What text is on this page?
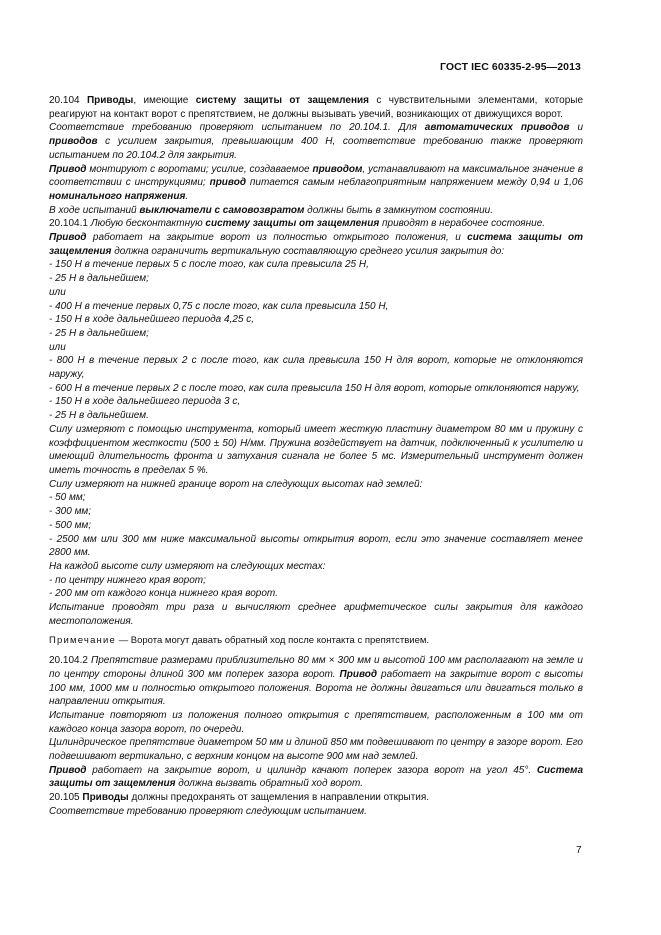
ГОСТ IEC 60335-2-95—2013

20.104 Приводы, имеющие систему защиты от защемления с чувствительными элементами, которые реагируют на контакт ворот с препятствием, не должны вызывать увечий, возникающих от движущихся ворот.

Соответствие требованию проверяют испытанием по 20.104.1. Для автоматических приводов и приводов с усилием закрытия, превышающим 400 Н, соответствие требованию также проверяют испытанием по 20.104.2 для закрытия.

Привод монтируют с воротами; усилие, создаваемое приводом, устанавливают на максимальное значение в соответствии с инструкциями; привод питается самым неблагоприятным напряжением между 0,94 и 1,06 номинального напряжения.

В ходе испытаний выключатели с самовозвратом должны быть в замкнутом состоянии.

20.104.1 Любую бесконтактную систему защиты от защемления приводят в нерабочее состояние.

Привод работает на закрытие ворот из полностью открытого положения, и система защиты от защемления должна ограничить вертикальную составляющую среднего усилия закрытия до:

- 150 Н в течение первых 5 с после того, как сила превысила 25 Н,

- 25 Н в дальнейшем;

или

- 400 Н в течение первых 0,75 с после того, как сила превысила 150 Н,

- 150 Н в ходе дальнейшего периода 4,25 с,

- 25 Н в дальнейшем;

или

- 800 Н в течение первых 2 с после того, как сила превысила 150 Н для ворот, которые не отклоняются наружу,

- 600 Н в течение первых 2 с после того, как сила превысила 150 Н для ворот, которые отклоняются наружу,

- 150 Н в ходе дальнейшего периода 3 с,

- 25 Н в дальнейшем.

Силу измеряют с помощью инструмента, который имеет жесткую пластину диаметром 80 мм и пружину с коэффициентом жесткости (500 ± 50) Н/мм. Пружина воздействует на датчик, подключенный к усилителю и имеющий длительность фронта и затухания сигнала не более 5 мс. Измерительный инструмент должен иметь точность в пределах 5 %.

Силу измеряют на нижней границе ворот на следующих высотах над землей:

- 50 мм;

- 300 мм;

- 500 мм;

- 2500 мм или 300 мм ниже максимальной высоты открытия ворот, если это значение составляет менее 2800 мм.

На каждой высоте силу измеряют на следующих местах:

- по центру нижнего края ворот;

- 200 мм от каждого конца нижнего края ворот.

Испытание проводят три раза и вычисляют среднее арифметическое силы закрытия для каждого местоположения.

Примечание — Ворота могут давать обратный ход после контакта с препятствием.

20.104.2 Препятствие размерами приблизительно 80 мм × 300 мм и высотой 100 мм располагают на земле и по центру стороны длиной 300 мм поперек зазора ворот. Привод работает на закрытие ворот с высоты 100 мм, 1000 мм и полностью открытого положения. Ворота не должны двигаться или двигаться только в направлении открытия.

Испытание повторяют из положения полного открытия с препятствием, расположенным в 100 мм от каждого конца зазора ворот, по очереди.

Цилиндрическое препятствие диаметром 50 мм и длиной 850 мм подвешивают по центру в зазоре ворот. Его подвешивают вертикально, с верхним концом на высоте 900 мм над землей.

Привод работает на закрытие ворот, и цилиндр качают поперек зазора ворот на угол 45°. Система защиты от защемления должна вызвать обратный ход ворот.

20.105 Приводы должны предохранять от защемления в направлении открытия.

Соответствие требованию проверяют следующим испытанием.

7
